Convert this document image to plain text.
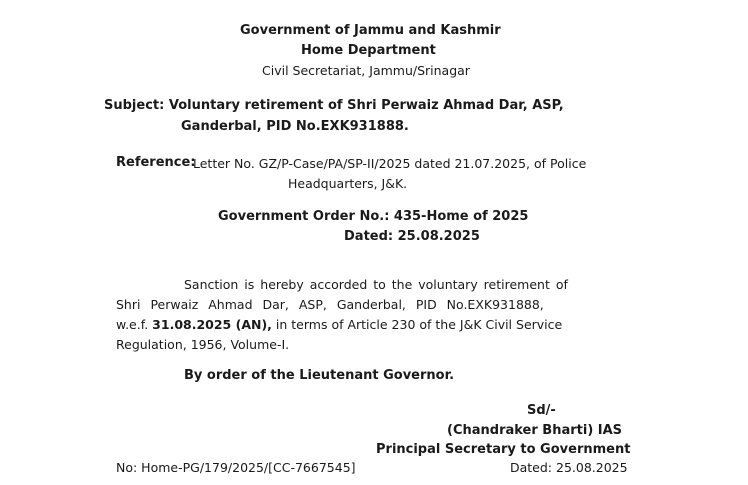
Government of Jammu and Kashmir
Home Department
Civil Secretariat, Jammu/Srinagar
Subject: Voluntary retirement of Shri Perwaiz Ahmad Dar, ASP,
Ganderbal, PID No.EXK931888.
Reference:
Letter No. GZ/P-Case/PA/SP-II/2025 dated 21.07.2025, of Police
Headquarters, J&K.
Government Order No.: 435-Home of 2025
Dated: 25.08.2025
Sanction is hereby accorded to the voluntary retirement of
Shri Perwaiz Ahmad Dar, ASP, Ganderbal, PID No.EXK931888,
w.e.f. 31.08.2025 (AN), in terms of Article 230 of the J&K Civil Service
Regulation, 1956, Volume-I.
By order of the Lieutenant Governor.
Sd/-
(Chandraker Bharti) IAS
Principal Secretary to Government
No: Home-PG/179/2025/[CC-7667545]	Dated: 25.08.2025
